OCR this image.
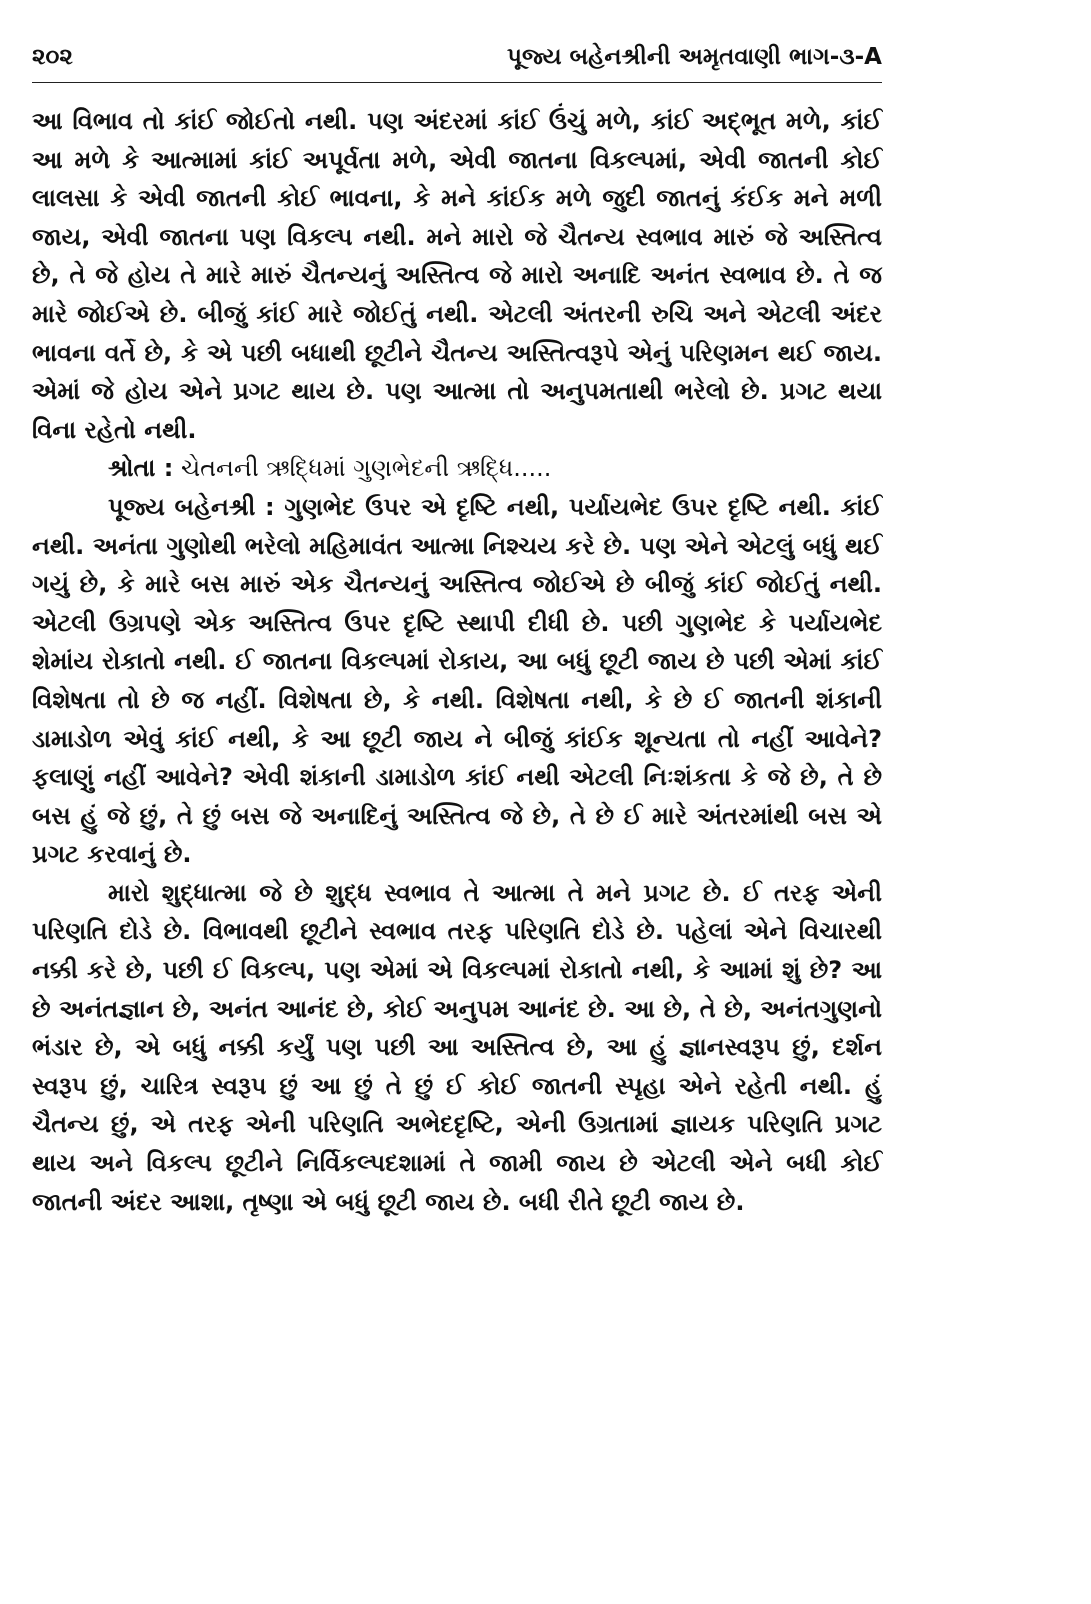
૨૦૨	પૂજ્ય બહેનશ્રીની અમૃતવાણી ભાગ-૩-A

આ વિભાવ તો કાંઈ જોઈતો નથી. પણ અંદરમાં કાંઈ ઉંચું મળે, કાંઈ અદ્ભૂત મળે, કાંઈ આ મળે કે આત્મામાં કાંઈ અપૂર્વતા મળે, એવી જાતના વિકલ્પમાં, એવી જાતની કોઈ લાલસા કે એવી જાતની કોઈ ભાવના, કે મને કાંઈક મળે જુદી જાતનું કંઈક મને મળી જાય, એવી જાતના પણ વિકલ્પ નથી. મને મારો જે ચૈતન્ય સ્વભાવ મારું જે અસ્તિત્વ છે, તે જે હોય તે મારે મારું ચૈતન્યનું અસ્તિત્વ જે મારો અનાદિ અનંત સ્વભાવ છે. તે જ મારે જોઈએ છે. બીજું કાંઈ મારે જોઈતું નથી. એટલી અંતરની રુચિ અને એટલી અંદર ભાવના વર્તે છે, કે એ પછી બધાથી છૂટીને ચૈતન્ય અસ્તિત્વરૂપે એનું પરિણમન થઈ જાય. એમાં જે હોય એને પ્રગટ થાય છે. પણ આત્મા તો અનુપમતાથી ભરેલો છે. પ્રગટ થયા વિના રહેતો નથી.

શ્રોતા : ચેતનની ઋદ્ધિમાં ગુણભેદની ઋદ્ધિ.....

પૂજ્ય બહેનશ્રી : ગુણભેદ ઉપર એ દૃષ્ટિ નથી, પર્યાયભેદ ઉપર દૃષ્ટિ નથી. કાંઈ નથી. અનંતા ગુણોથી ભરેલો મહિમાવંત આત્મા નિશ્ચય કરે છે. પણ એને એટલું બધું થઈ ગયું છે, કે મારે બસ મારું એક ચૈતન્યનું અસ્તિત્વ જોઈએ છે બીજું કાંઈ જોઈતું નથી. એટલી ઉગ્રપણે એક અસ્તિત્વ ઉપર દૃષ્ટિ સ્થાપી દીધી છે. પછી ગુણભેદ કે પર્યાયભેદ શેમાંય રોકાતો નથી. ઈ જાતના વિકલ્પમાં રોકાય, આ બધું છૂટી જાય છે પછી એમાં કાંઈ વિશેષતા તો છે જ નહીં. વિશેષતા છે, કે નથી. વિશેષતા નથી, કે છે ઈ જાતની શંકાની ડામાડોળ એવું કાંઈ નથી, કે આ છૂટી જાય ને બીજું કાંઈક શૂન્યતા તો નહીં આવેને? ફલાણું નહીં આવેને? એવી શંકાની ડામાડોળ કાંઈ નથી એટલી નિઃશંકતા કે જે છે, તે છે બસ હું જે છું, તે છું બસ જે અનાદિનું અસ્તિત્વ જે છે, તે છે ઈ મારે અંતરમાંથી બસ એ પ્રગટ કરવાનું છે.

મારો શુદ્ધાત્મા જે છે શુદ્ધ સ્વભાવ તે આત્મા તે મને પ્રગટ છે. ઈ તરફ એની પરિણતિ દોડે છે. વિભાવથી છૂટીને સ્વભાવ તરફ પરિણતિ દોડે છે. પહેલાં એને વિચારથી નક્કી કરે છે, પછી ઈ વિકલ્પ, પણ એમાં એ વિકલ્પમાં રોકાતો નથી, કે આમાં શું છે? આ છે અનંતજ્ઞાન છે, અનંત આનંદ છે, કોઈ અનુપમ આનંદ છે. આ છે, તે છે, અનંતગુણનો ભંડાર છે, એ બધું નક્કી કર્યું પણ પછી આ અસ્તિત્વ છે, આ હું જ્ઞાનસ્વરૂપ છું, દર્શન સ્વરૂપ છું, ચારિત્ર સ્વરૂપ છું આ છું તે છું ઈ કોઈ જાતની સ્પૃહા એને રહેતી નથી. હું ચૈતન્ય છું, એ તરફ એની પરિણતિ અભેદદૃષ્ટિ, એની ઉગ્રતામાં જ્ઞાયક પરિણતિ પ્રગટ થાય અને વિકલ્પ છૂટીને નિર્વિકલ્પદશામાં તે જામી જાય છે એટલી એને બધી કોઈ જાતની અંદર આશા, તૃષ્ણા એ બધું છૂટી જાય છે. બધી રીતે છૂટી જાય છે.
